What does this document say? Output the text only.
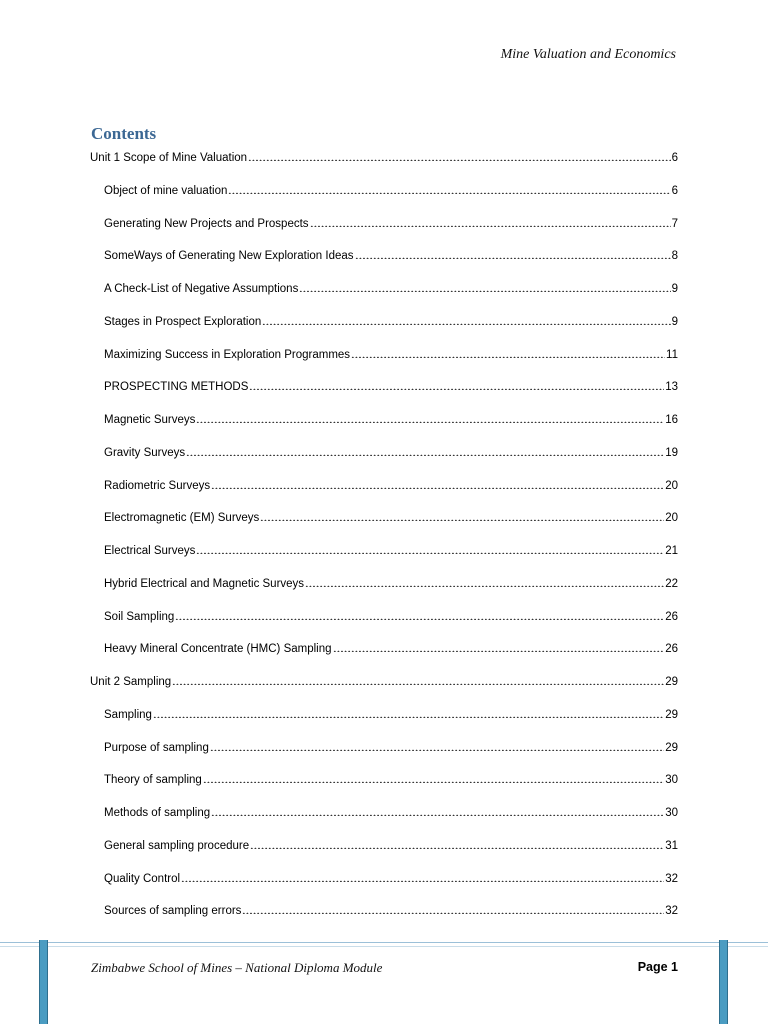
Mine Valuation and Economics
Contents
Unit 1 Scope of Mine Valuation	6
Object of mine valuation	6
Generating New Projects and Prospects	7
SomeWays of Generating New Exploration Ideas	8
A Check-List of Negative Assumptions	9
Stages in Prospect Exploration	9
Maximizing Success in Exploration Programmes	11
PROSPECTING METHODS	13
Magnetic Surveys	16
Gravity Surveys	19
Radiometric Surveys	20
Electromagnetic (EM) Surveys	20
Electrical Surveys	21
Hybrid Electrical and Magnetic Surveys	22
Soil Sampling	26
Heavy Mineral Concentrate (HMC) Sampling	26
Unit 2 Sampling	29
Sampling	29
Purpose of sampling	29
Theory of sampling	30
Methods of sampling	30
General sampling procedure	31
Quality Control	32
Sources of sampling errors	32
Zimbabwe School of Mines – National Diploma Module	Page 1
